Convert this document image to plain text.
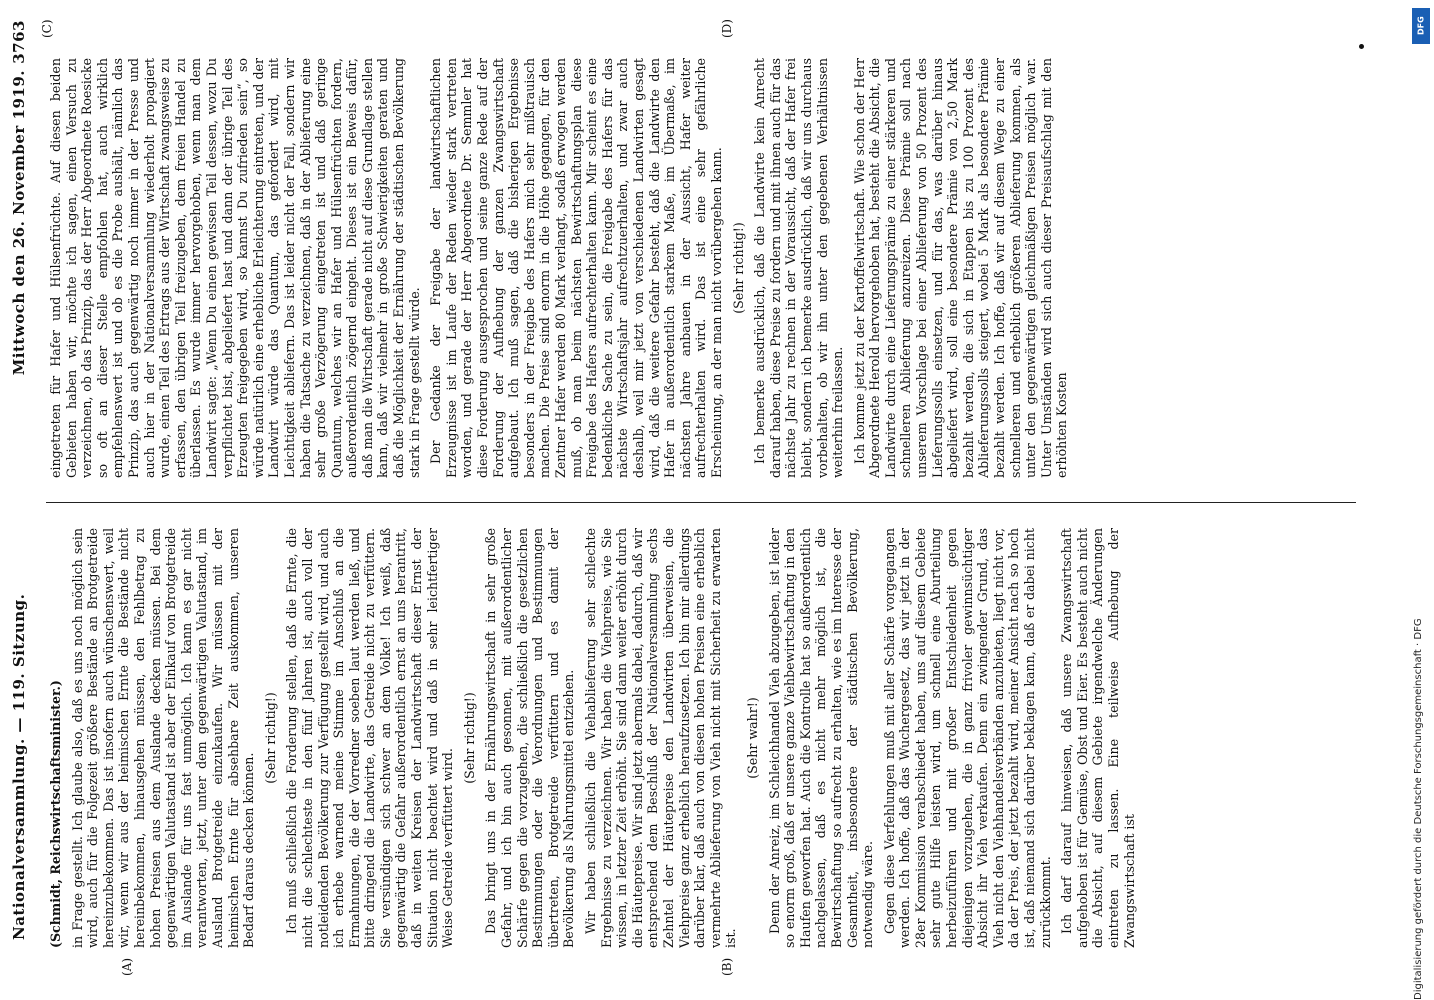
Nationalversammlung. — 119. Sitzung.
Mittwoch den 26. November 1919.
3763
(A)	(B)
(C)	(D)

(Schmidt, Reichswirtschaftsminister.) in Frage gestellt. Ich glaube also, daß es uns noch möglich sein wird, auch für die Folgezeit größere Bestände an Brotgetreide hereinzubekommen. Das ist insofern auch wünschenswert, weil wir, wenn wir aus der heimischen Ernte die Bestände nicht hereinbekommen, hinausgehen müssen, den Fehlbetrag zu hohen Preisen aus dem Auslande decken müssen. Bei dem gegenwärtigen Valutastand ist aber der Einkauf von Brotgetreide im Auslande für uns fast unmöglich. Ich kann es gar nicht verantworten, jetzt, unter dem gegenwärtigen Valutastand, im Ausland Brotgetreide einzukaufen. Wir müssen mit der heimischen Ernte für absehbare Zeit auskommen, unseren Bedarf daraus decken können.

(Sehr richtig!) Ich muß schließlich die Forderung stellen, daß die Ernte, die nicht die schlechteste in den fünf Jahren ist, auch voll der notleidenden Bevölkerung zur Verfügung gestellt wird, und auch ich erhebe warnend meine Stimme im Anschluß an die Ermahnungen, die der Vorredner soeben laut werden ließ, und bitte dringend die Landwirte, das Getreide nicht zu verfüttern. Sie versündigen sich schwer an dem Volke! Ich weiß, daß gegenwärtig die Gefahr außerordentlich ernst an uns herantritt, daß in weiten Kreisen der Landwirtschaft dieser Ernst der Situation nicht beachtet wird und daß in sehr leichtfertiger Weise Getreide verfüttert wird.

(Sehr richtig!) Das bringt uns in der Ernährungswirtschaft in sehr große Gefahr, und ich bin auch gesonnen, mit außerordentlicher Schärfe gegen die vorzugehen, die schließlich die gesetzlichen Bestimmungen oder die Verordnungen und Bestimmungen übertreten, Brotgetreide verfüttern und es damit der Bevölkerung als Nahrungsmittel entziehen. Wir haben schließlich die Viehablieferung sehr schlechte Ergebnisse zu verzeichnen. Wir haben die Viehpreise, wie Sie wissen, in letzter Zeit erhöht. Sie sind dann weiter erhöht durch die Häutepreise. Wir sind jetzt abermals dabei, dadurch, daß wir entsprechend dem Beschluß der Nationalversammlung sechs Zehntel der Häutepreise den Landwirten überweisen, die Viehpreise ganz erheblich heraufzusetzen. Ich bin mir allerdings darüber klar, daß auch von diesen hohen Preisen eine erheblich vermehrte Ablieferung von Vieh nicht mit Sicherheit zu erwarten ist.

(Sehr wahr!) Denn der Anreiz, im Schleichhandel Vieh abzugeben, ist leider so enorm groß, daß er unsere ganze Viehbewirtschaftung in den Haufen geworfen hat. Auch die Kontrolle hat so außerordentlich nachgelassen, daß es nicht mehr möglich ist, die Bewirtschaftung so aufrecht zu erhalten, wie es im Interesse der Gesamtheit, insbesondere der städtischen Bevölkerung, notwendig wäre. Gegen diese Verfehlungen muß mit aller Schärfe vorgegangen werden. Ich hoffe, daß das Wuchergesetz, das wir jetzt in der 28er Kommission verabschiedet haben, uns auf diesem Gebiete sehr gute Hilfe leisten wird, um schnell eine Aburteilung herbeizuführen und mit großer Entschiedenheit gegen diejenigen vorzugehen, die in ganz frivoler gewinnsüchtiger Absicht ihr Vieh verkaufen. Denn ein zwingender Grund, das Vieh nicht den Viehhandelsverbänden anzubieten, liegt nicht vor, da der Preis, der jetzt bezahlt wird, meiner Ansicht nach so hoch ist, daß niemand sich darüber beklagen kann, daß er dabei nicht zurückkommt. Ich darf darauf hinweisen, daß unsere Zwangswirtschaft aufgehoben ist für Gemüse, Obst und Eier. Es besteht auch nicht die Absicht, auf diesem Gebiete irgendwelche Änderungen eintreten zu lassen. Eine teilweise Aufhebung der Zwangswirtschaft ist

eingetreten für Hafer und Hülsenfrüchte. Auf diesen beiden Gebieten haben wir, möchte ich sagen, einen Versuch zu verzeichnen, ob das Prinzip, das der Herr Abgeordnete Roesicke so oft an dieser Stelle empfohlen hat, auch wirklich empfehlenswert ist und ob es die Probe aushält, nämlich das Prinzip, das auch gegenwärtig noch immer in der Presse und auch hier in der Nationalversammlung wiederholt propagiert wurde, einen Teil des Ertrags aus der Wirtschaft zwangsweise zu erfassen, den übrigen Teil freizugeben, dem freien Handel zu überlassen. Es wurde immer hervorgehoben, wenn man dem Landwirt sagte: „Wenn Du einen gewissen Teil dessen, wozu Du verpflichtet bist, abgeliefert hast und dann der übrige Teil des Erzeugten freigegeben wird, so kannst Du zufrieden sein“, so würde natürlich eine erhebliche Erleichterung eintreten, und der Landwirt würde das Quantum, das gefordert wird, mit Leichtigkeit abliefern. Das ist leider nicht der Fall, sondern wir haben die Tatsache zu verzeichnen, daß in der Ablieferung eine sehr große Verzögerung eingetreten ist und daß geringe Quantum, welches wir an Hafer und Hülsenfrüchten fordern, außerordentlich zögernd eingeht. Dieses ist ein Beweis dafür, daß man die Wirtschaft gerade nicht auf diese Grundlage stellen kann, daß wir vielmehr in große Schwierigkeiten geraten und daß die Möglichkeit der Ernährung der städtischen Bevölkerung stark in Frage gestellt würde. Der Gedanke der Freigabe der landwirtschaftlichen Erzeugnisse ist im Laufe der Reden wieder stark vertreten worden, und gerade der Herr Abgeordnete Dr. Semmler hat diese Forderung ausgesprochen und seine ganze Rede auf der Forderung der Aufhebung der ganzen Zwangswirtschaft aufgebaut. Ich muß sagen, daß die bisherigen Ergebnisse besonders in der Freigabe des Hafers mich sehr mißtrauisch machen. Die Preise sind enorm in die Höhe gegangen, für den Zentner Hafer werden 80 Mark verlangt, sodaß erwogen werden muß, ob man beim nächsten Bewirtschaftungsplan diese Freigabe des Hafers aufrechterhalten kann. Mir scheint es eine bedenkliche Sache zu sein, die Freigabe des Hafers für das nächste Wirtschaftsjahr aufrechtzuerhalten, und zwar auch deshalb, weil mir jetzt von verschiedenen Landwirten gesagt wird, daß die weitere Gefahr besteht, daß die Landwirte den Hafer in außerordentlich starkem Maße, im Übermaße, im nächsten Jahre anbauen in der Aussicht, Hafer weiter aufrechterhalten wird. Das ist eine sehr gefährliche Erscheinung, an der man nicht vorübergehen kann. (Sehr richtig!) Ich bemerke ausdrücklich, daß die Landwirte kein Anrecht darauf haben, diese Preise zu fordern und mit ihnen auch für das nächste Jahr zu rechnen in der Voraussicht, daß der Hafer frei bleibt, sondern ich bemerke ausdrücklich, daß wir uns durchaus vorbehalten, ob wir ihn unter den gegebenen Verhältnissen weiterhin freilassen. Ich komme jetzt zu der Kartoffelwirtschaft. Wie schon der Herr Abgeordnete Herold hervorgehoben hat, besteht die Absicht, die Landwirte durch eine Lieferungsprämie zu einer stärkeren und schnelleren Ablieferung anzureizen. Diese Prämie soll nach unserem Vorschlage bei einer Ablieferung von 50 Prozent des Lieferungssolls einsetzen, und für das, was darüber hinaus abgeliefert wird, soll eine besondere Prämie von 2,50 Mark bezahlt werden, die sich in Etappen bis zu 100 Prozent des Ablieferungssolls steigert, wobei 5 Mark als besondere Prämie bezahlt werden. Ich hoffe, daß wir auf diesem Wege zu einer schnelleren und erheblich größeren Ablieferung kommen, als unter den gegenwärtigen gleichmäßigen Preisen möglich war. Unter Umständen wird sich auch dieser Preisaufschlag mit den erhöhten Kosten

Digitalisierung gefördert durch die Deutsche Forschungsgemeinschaft · DFG
DFG
